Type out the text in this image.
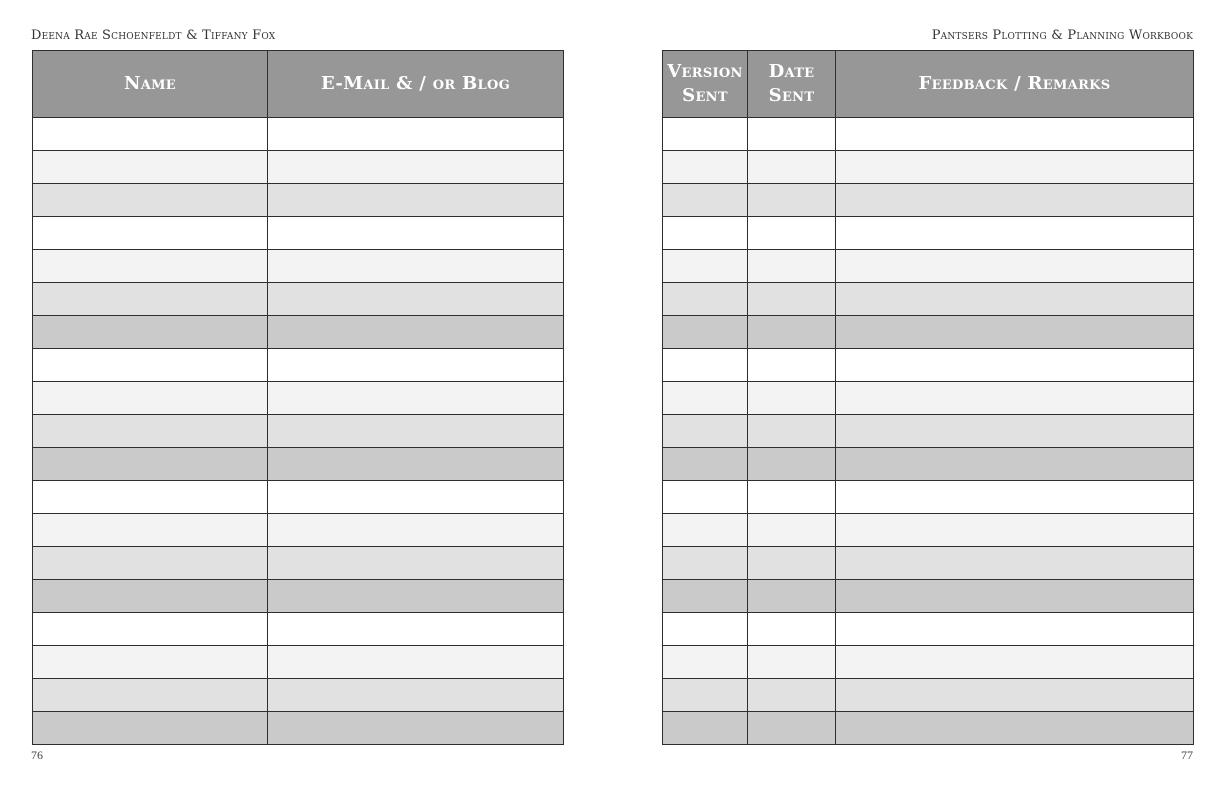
Deena Rae Schoenfeldt & Tiffany Fox	Pantsers Plotting & Planning Workbook
Name	E-Mail & / or Blog

Version Sent	Date Sent	Feedback / Remarks

76	77
